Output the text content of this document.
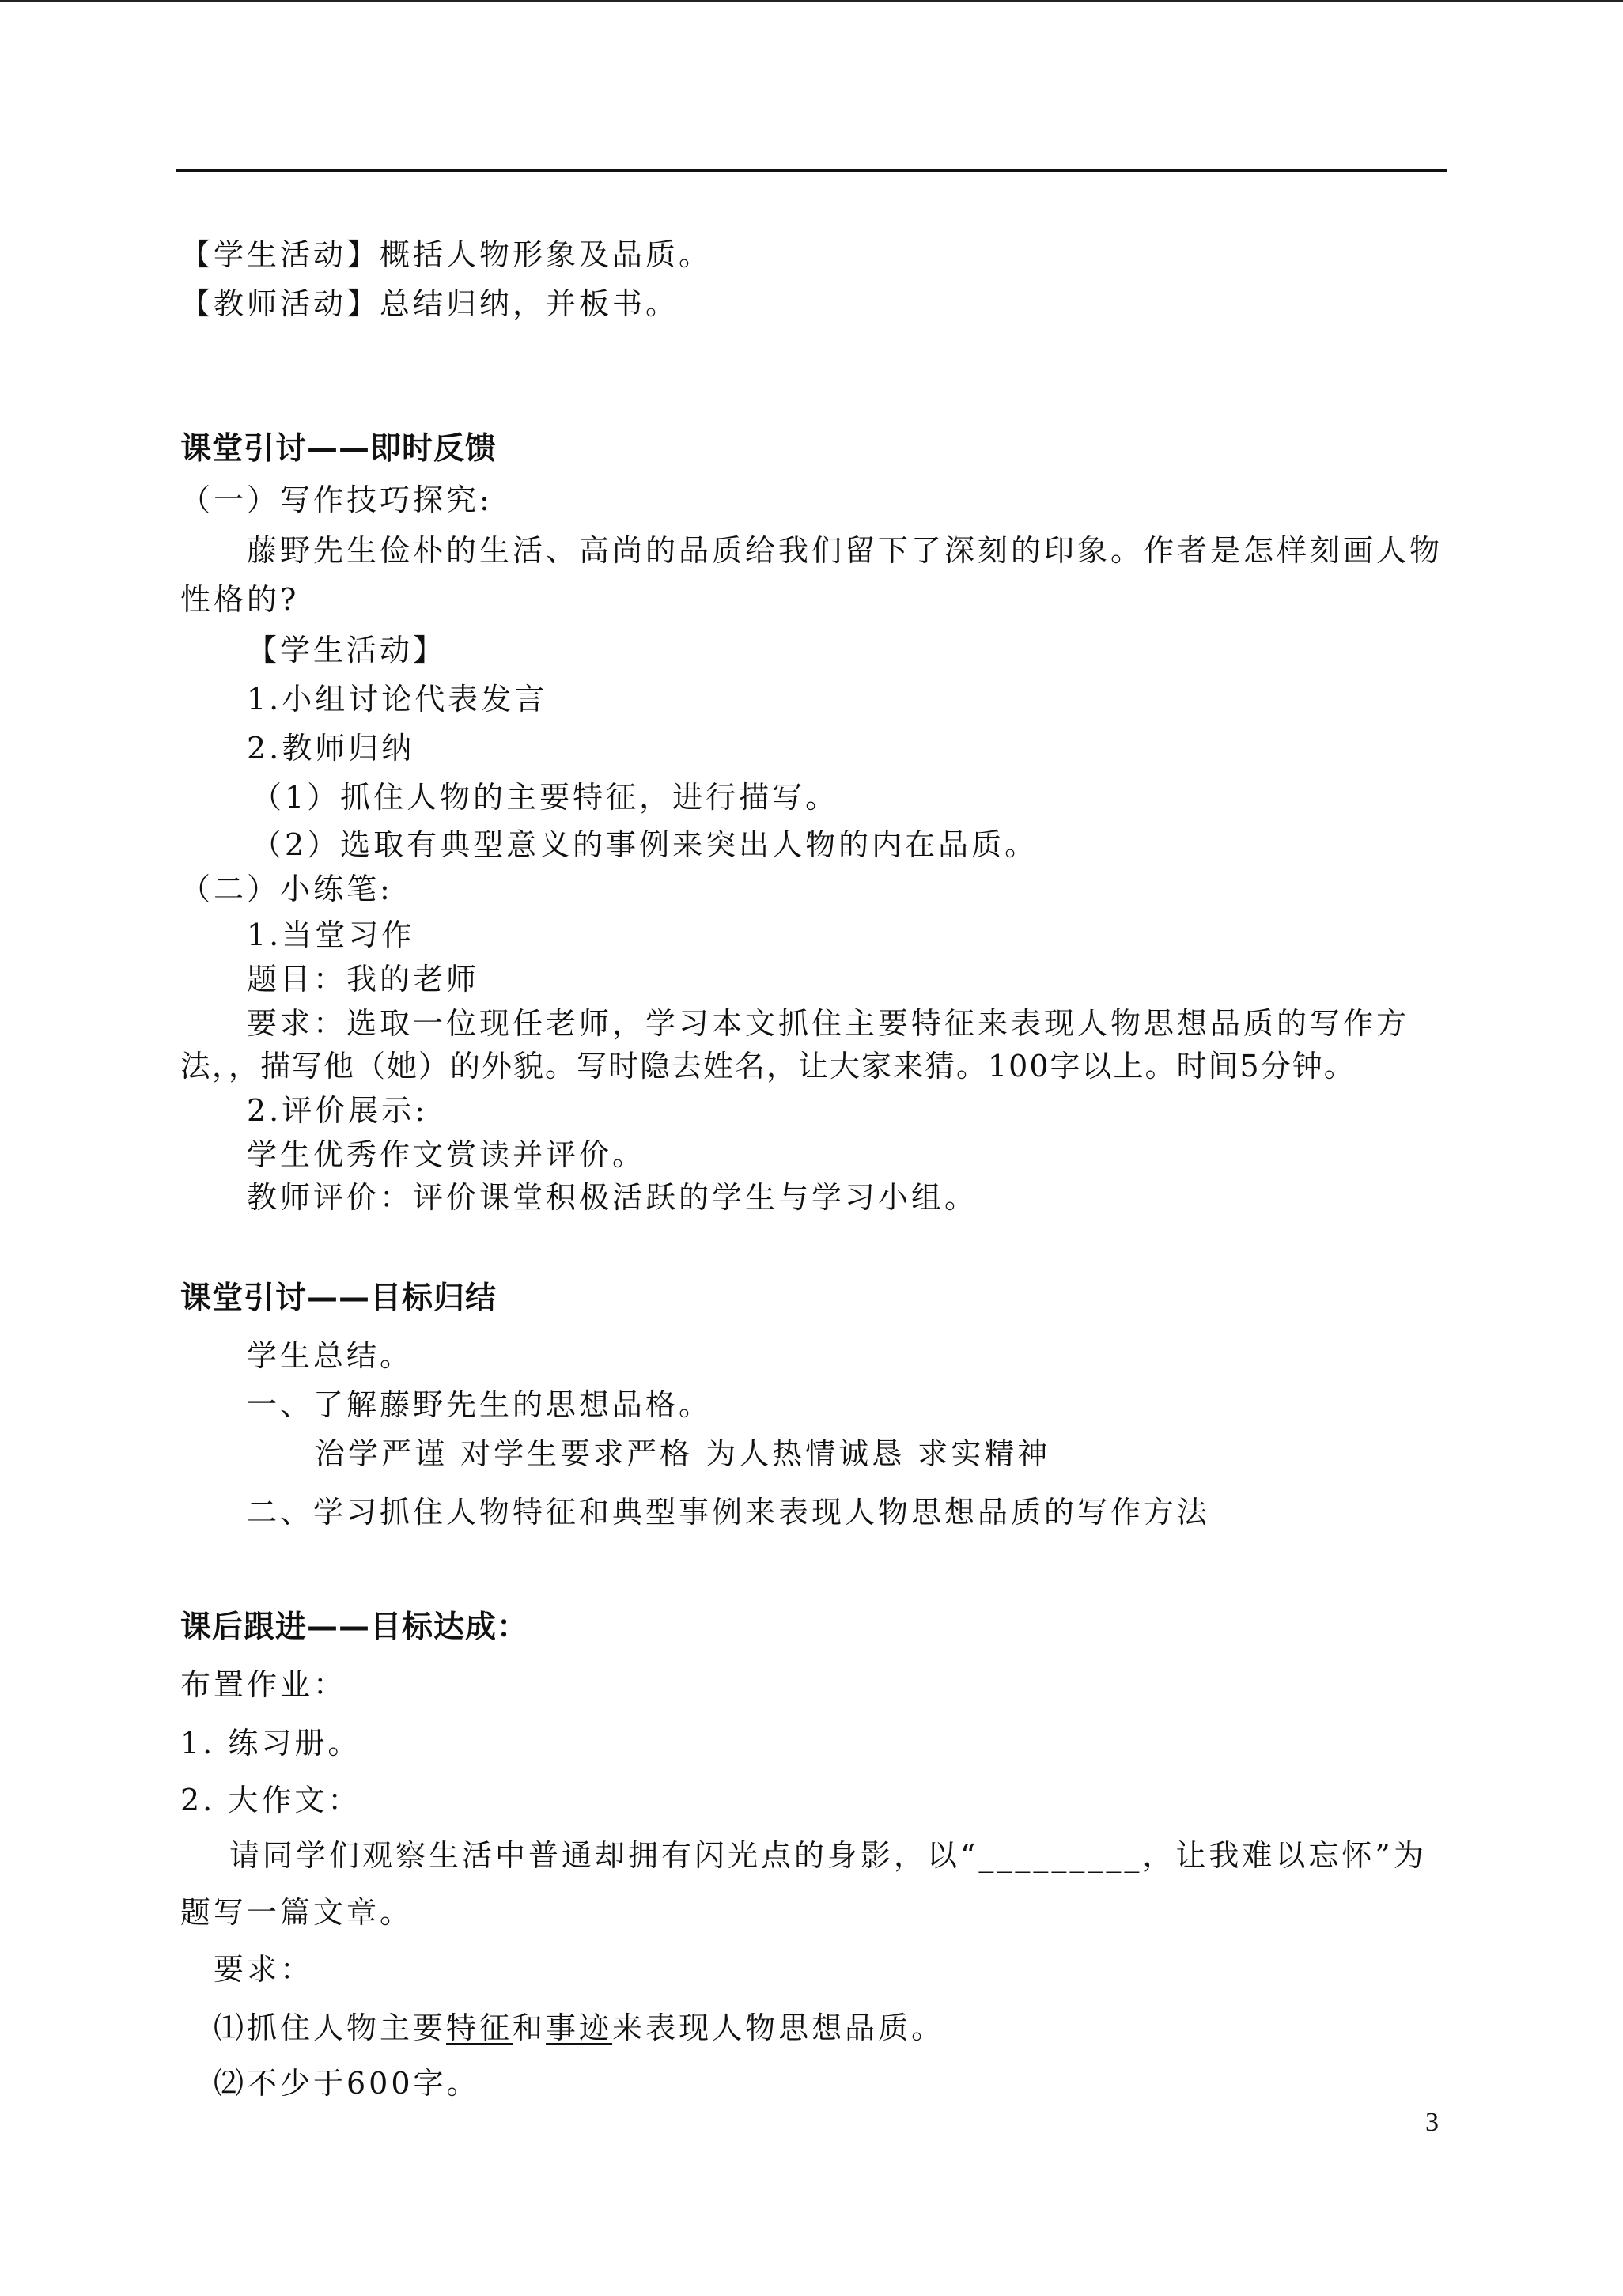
【学生活动】概括人物形象及品质。
【教师活动】总结归纳，并板书。
课堂引讨——即时反馈
（一）写作技巧探究:
藤野先生俭朴的生活、高尚的品质给我们留下了深刻的印象。作者是怎样刻画人物
性格的?
【学生活动】
1.小组讨论代表发言
2.教师归纳
（1）抓住人物的主要特征，进行描写。
（2）选取有典型意义的事例来突出人物的内在品质。
（二）小练笔:
1.当堂习作
题目：我的老师
要求：选取一位现任老师，学习本文抓住主要特征来表现人物思想品质的写作方
法，，描写他（她）的外貌。写时隐去姓名，让大家来猜。100字以上。时间5分钟。
2.评价展示:
学生优秀作文赏读并评价。
教师评价：评价课堂积极活跃的学生与学习小组。
课堂引讨——目标归结
学生总结。
一、了解藤野先生的思想品格。
治学严谨 对学生要求严格 为人热情诚恳 求实精神
二、学习抓住人物特征和典型事例来表现人物思想品质的写作方法
课后跟进——目标达成：
布置作业：
1. 练习册。
2. 大作文：
请同学们观察生活中普通却拥有闪光点的身影，以“_________，让我难以忘怀”为
题写一篇文章。
要求：
⑴抓住人物主要特征和事迹来表现人物思想品质。
⑵不少于600字。
3
